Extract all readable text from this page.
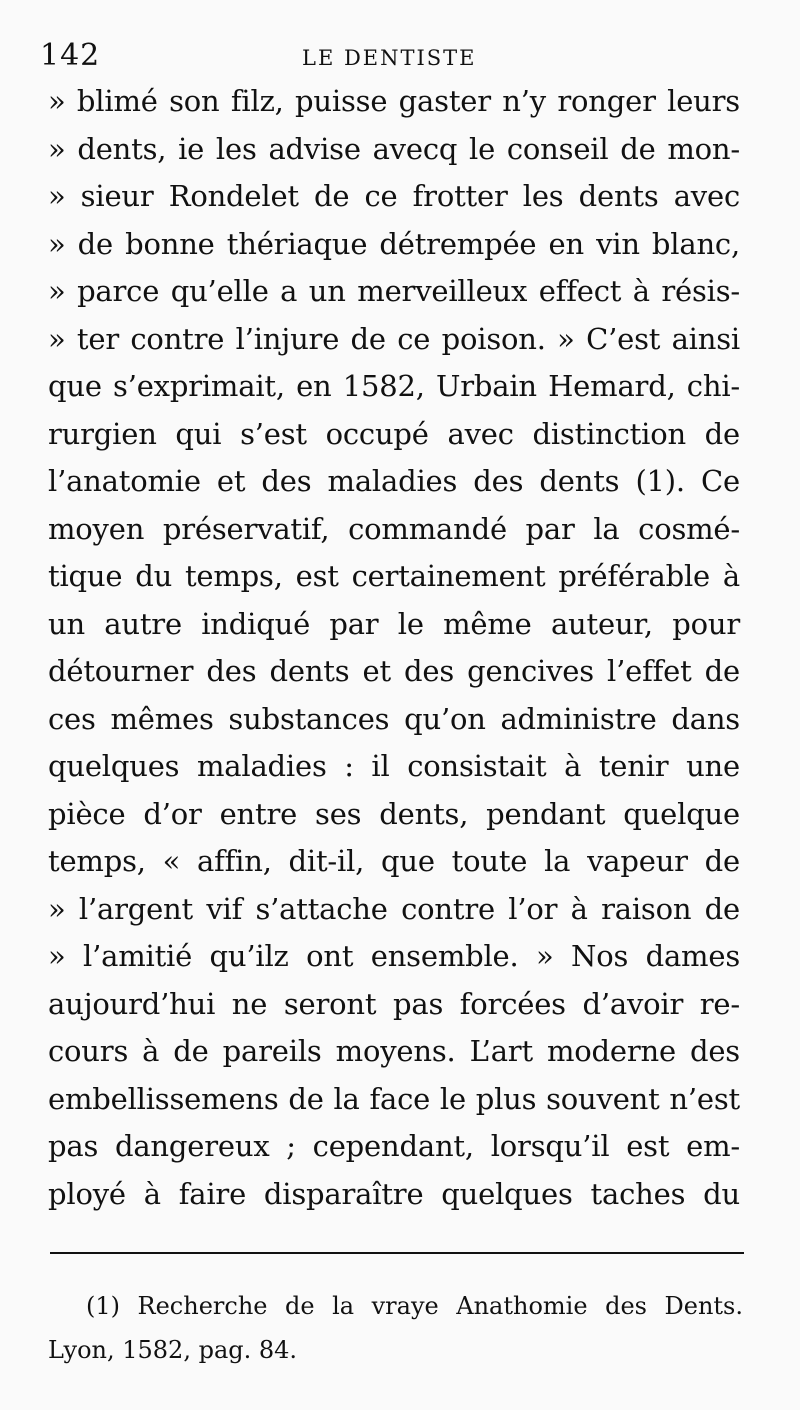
142	LE DENTISTE
» blimé son filz, puisse gaster n’y ronger leurs
» dents, ie les advise avecq le conseil de mon-
» sieur Rondelet de ce frotter les dents avec
» de bonne thériaque détrempée en vin blanc,
» parce qu’elle a un merveilleux effect à résis-
» ter contre l’injure de ce poison. » C’est ainsi
que s’exprimait, en 1582, Urbain Hemard, chi-
rurgien qui s’est occupé avec distinction de
l’anatomie et des maladies des dents (1). Ce
moyen préservatif, commandé par la cosmé-
tique du temps, est certainement préférable à
un autre indiqué par le même auteur, pour
détourner des dents et des gencives l’effet de
ces mêmes substances qu’on administre dans
quelques maladies : il consistait à tenir une
pièce d’or entre ses dents, pendant quelque
temps, « affin, dit-il, que toute la vapeur de
» l’argent vif s’attache contre l’or à raison de
» l’amitié qu’ilz ont ensemble. » Nos dames
aujourd’hui ne seront pas forcées d’avoir re-
cours à de pareils moyens. L’art moderne des
embellissemens de la face le plus souvent n’est
pas dangereux ; cependant, lorsqu’il est em-
ployé à faire disparaître quelques taches du
(1) Recherche de la vraye Anathomie des Dents.
Lyon, 1582, pag. 84.
